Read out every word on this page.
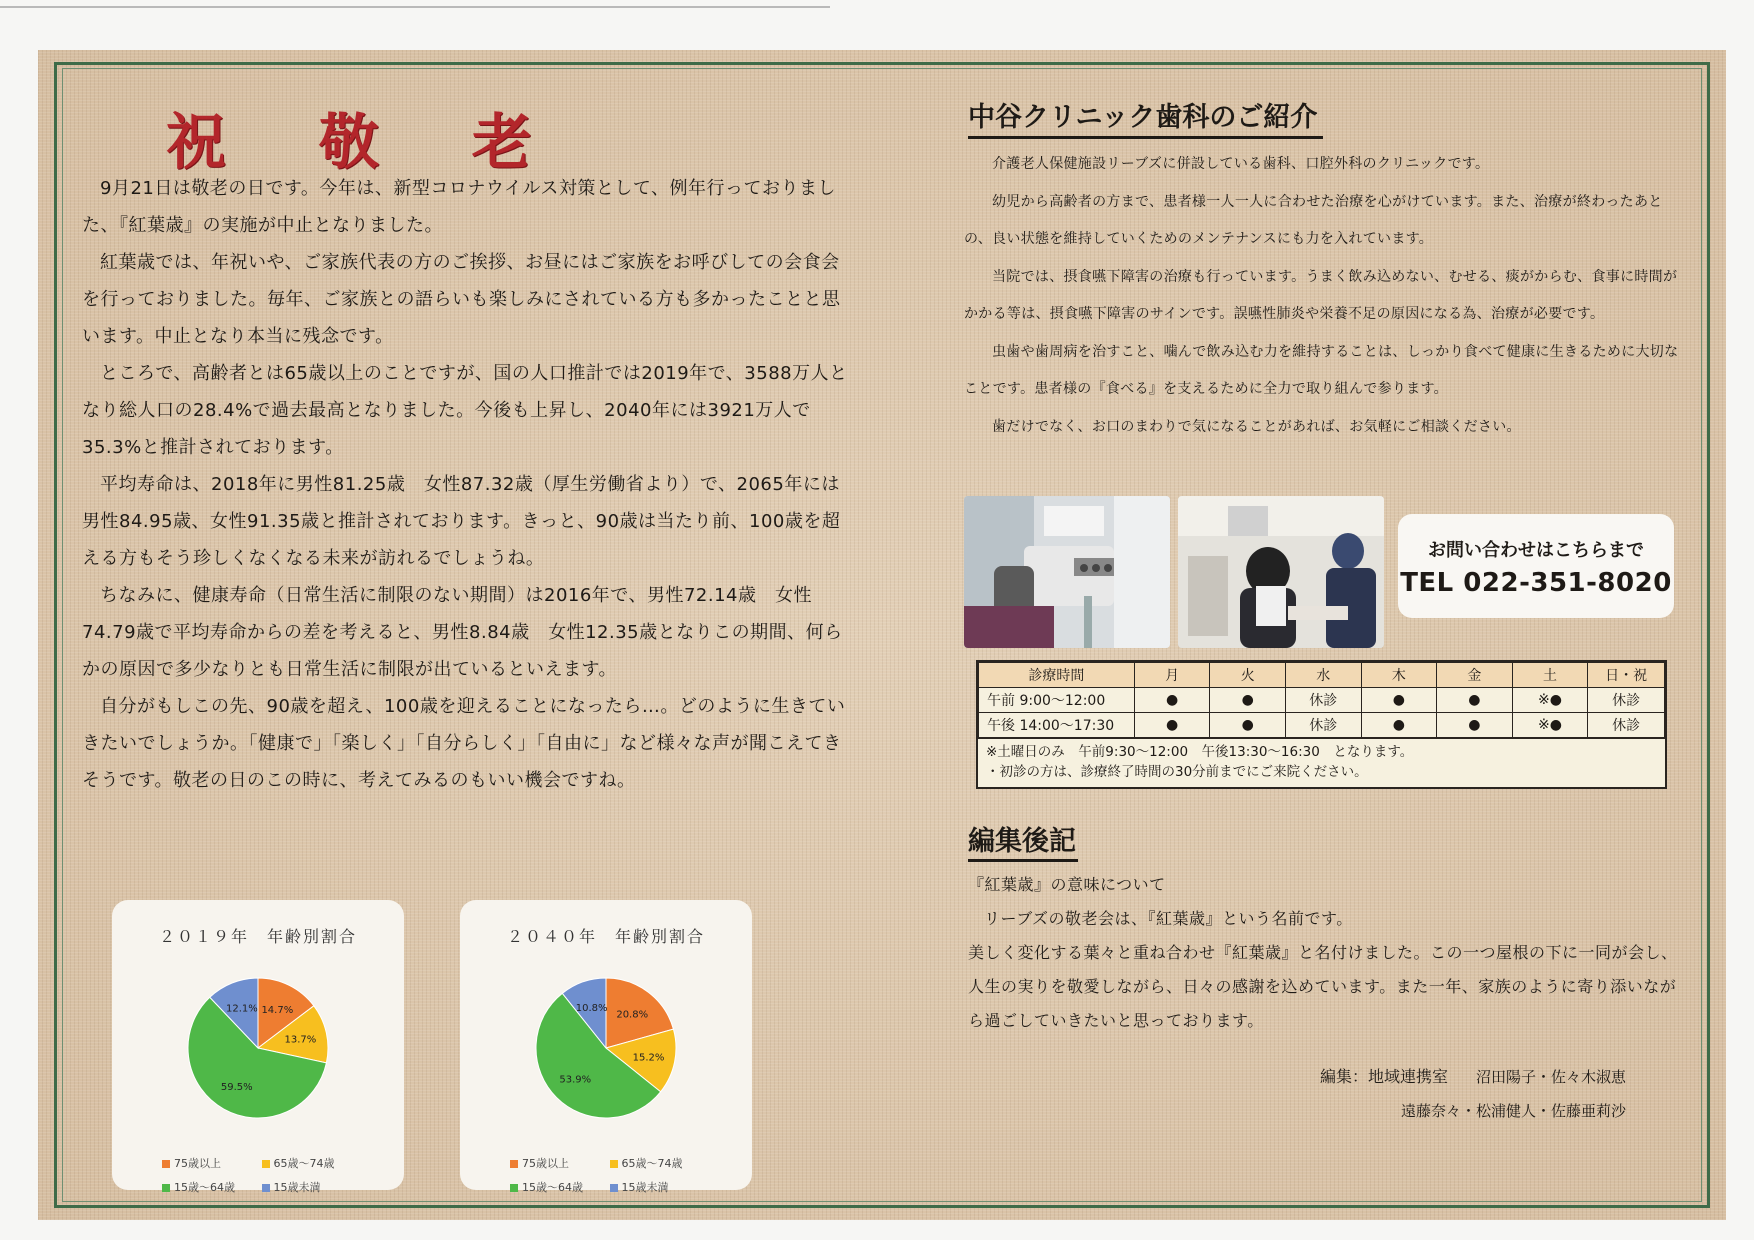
祝 敬 老

9月21日は敬老の日です。今年は、新型コロナウイルス対策として、例年行っておりました、『紅葉歳』の実施が中止となりました。

紅葉歳では、年祝いや、ご家族代表の方のご挨拶、お昼にはご家族をお呼びしての会食会を行っておりました。毎年、ご家族との語らいも楽しみにされている方も多かったことと思います。中止となり本当に残念です。

ところで、高齢者とは65歳以上のことですが、国の人口推計では2019年で、3588万人となり総人口の28.4%で過去最高となりました。今後も上昇し、2040年には3921万人で35.3%と推計されております。

平均寿命は、2018年に男性81.25歳　女性87.32歳（厚生労働省より）で、2065年には男性84.95歳、女性91.35歳と推計されております。きっと、90歳は当たり前、100歳を超える方もそう珍しくなくなる未来が訪れるでしょうね。

ちなみに、健康寿命（日常生活に制限のない期間）は2016年で、男性72.14歳　女性74.79歳で平均寿命からの差を考えると、男性8.84歳　女性12.35歳となりこの期間、何らかの原因で多少なりとも日常生活に制限が出ているといえます。

自分がもしこの先、90歳を超え、100歳を迎えることになったら…。どのように生きていきたいでしょうか。「健康で」「楽しく」「自分らしく」「自由に」など様々な声が聞こえてきそうです。敬老の日のこの時に、考えてみるのもいい機会ですね。

２０１９年　年齢別割合
14.7%
13.7%
59.5%
12.1%
75歳以上	65歳～74歳 15歳～64歳	15歳未満
２０４０年　年齢別割合
20.8%
15.2%
53.9%
10.8%
75歳以上	65歳～74歳 15歳～64歳	15歳未満
中谷クリニック歯科のご紹介

介護老人保健施設リーブズに併設している歯科、口腔外科のクリニックです。

幼児から高齢者の方まで、患者様一人一人に合わせた治療を心がけています。また、治療が終わったあとの、良い状態を維持していくためのメンテナンスにも力を入れています。

当院では、摂食嚥下障害の治療も行っています。うまく飲み込めない、むせる、痰がからむ、食事に時間がかかる等は、摂食嚥下障害のサインです。誤嚥性肺炎や栄養不足の原因になる為、治療が必要です。

虫歯や歯周病を治すこと、噛んで飲み込む力を維持することは、しっかり食べて健康に生きるために大切なことです。患者様の『食べる』を支えるために全力で取り組んで参ります。

歯だけでなく、お口のまわりで気になることがあれば、お気軽にご相談ください。

お問い合わせはこちらまで
TEL 022-351-8020
診療時間	月	火	水	木	金	土	日・祝
午前 9:00～12:00	●	●	休診	●	●	※●	休診
午後 14:00～17:30	●	●	休診	●	●	※●	休診
※土曜日のみ　午前9:30～12:00　午後13:30～16:30　となります。
・初診の方は、診療終了時間の30分前までにご来院ください。
編集後記

『紅葉歳』の意味について

リーブズの敬老会は、『紅葉歳』という名前です。

美しく変化する葉々と重ね合わせ『紅葉歳』と名付けました。この一つ屋根の下に一同が会し、人生の実りを敬愛しながら、日々の感謝を込めています。また一年、家族のように寄り添いながら過ごしていきたいと思っております。

編集：地域連携室 沼田陽子・佐々木淑恵
遠藤奈々・松浦健人・佐藤亜莉沙
